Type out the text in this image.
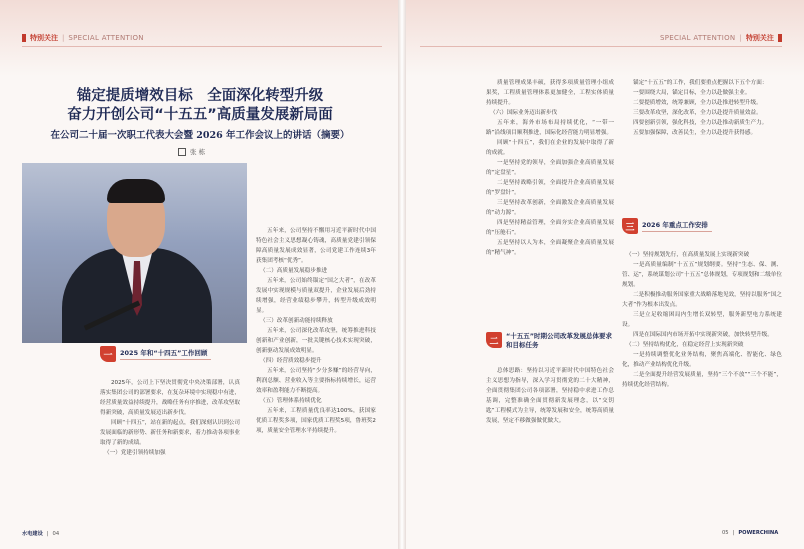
特别关注 | SPECIAL ATTENTION	SPECIAL ATTENTION | 特别关注
锚定提质增效目标　全面深化转型升级
奋力开创公司“十五五”高质量发展新局面
在公司二十届一次职工代表大会暨 2026 年工作会议上的讲话（摘要）
张 栋

五年来，公司坚持不懈用习近平新时代中国特色社会主义思想凝心铸魂，高质量党建引领保障高质量发展成效显著，公司党建工作连续3年获集团考核“优秀”。

（二）高质量发展稳步推进

五年来，公司始终锚定“国之大者”，在改革发展中实现规模与质量双提升，企业发展后劲持续增强，经营业绩稳步攀升，转型升级成效明显。

（三）改革创新动能持续释放

五年来，公司深化改革攻坚，统筹推进科技创新和产业创新，一批关键核心技术实现突破，创新驱动发展成效明显。

（四）经营质效稳步提升

五年来，公司坚持“少分多赚”的经营导向，利润总额、营业收入等主要指标持续增长，运营效率和盈利能力不断提高。

（五）管理体系持续优化

五年来，工程质量优良率达100%，获国家优质工程奖多项，国家优质工程奖5项，鲁班奖2项，质量安全管理水平持续提升。

一	2025 年和“十四五”工作回顾

2025年，公司上下坚决贯彻党中央决策部署，认真落实集团公司的部署要求，在复杂环境中实现稳中有进，经营质量效益持续提升，战略任务有序推进，改革攻坚取得新突破，高质量发展迈出新步伐。

回顾“十四五”，站在新的起点，我们深刻认识到公司发展面临的新形势、新任务和新要求，着力推动各项事业取得了新的成绩。

（一）党建引领持续加强

质量管理成果丰硕，获得多项质量管理小组成果奖，工程质量管理体系更加健全，工程实体质量持续提升。

（六）国际业务迈出新步伐

五年来，海外市场布局持续优化，“一带一路”沿线项目顺利推进，国际化经营能力明显增强。

回顾“十四五”，我们在企业的发展中取得了新的成就。

一是坚持党的领导，全面加强企业高质量发展的“定盘星”。

二是坚持战略引领，全面提升企业高质量发展的“罗盘针”。

三是坚持改革创新，全面激发企业高质量发展的“动力源”。

四是坚持精益管理，全面夯实企业高质量发展的“压舱石”。

五是坚持以人为本，全面凝聚企业高质量发展的“精气神”。

二
“十五五”时期公司改革发展总体要求和目标任务

总体思路：坚持以习近平新时代中国特色社会主义思想为指导，深入学习贯彻党的二十大精神，全面贯彻集团公司各项部署，坚持稳中求进工作总基调，完整准确全面贯彻新发展理念，以“交钥匙”工程模式为主导，统筹发展和安全，统筹高质量发展，坚定不移做强做优做大。

锚定“十五五”的工作，我们要重点把握以下五个方面：

一要围绕大局，锚定目标，全力以赴做强主业。

二要提质增效，统筹兼顾，全力以赴推进转型升级。

三要改革攻坚，深化改革，全力以赴提升质量效益。

四要创新引领，强化科技，全力以赴推动新质生产力。

五要加强保障，改善民生，全力以赴提升获得感。

三	2026 年重点工作安排

（一）坚持规划先行，在高质量发展上实现新突破

一是高质量编制“十五五”规划纲要。坚持“生态、保、测、管、运”，系统谋划公司“十五五”总体规划，专项规划和二级单位规划。

二是积极推动服务国家重大战略落地见效，坚持以服务“国之大者”作为根本出发点。

三是立足收缩困局内生增长双转型，服务新型电力系统建设。

四是在国际国内市场开拓中实现新突破，加快转型升级。

（二）坚持结构优化，在稳定经营上实现新突破

一是持续调整优化业务结构，聚焦高端化、智能化、绿色化，推动产业结构优化升级。

二是全面提升经营发展质量，坚持“三个不放”“三个不能”，持续优化经营结构。

水电建设 | 04	05 | POWERCHINA
